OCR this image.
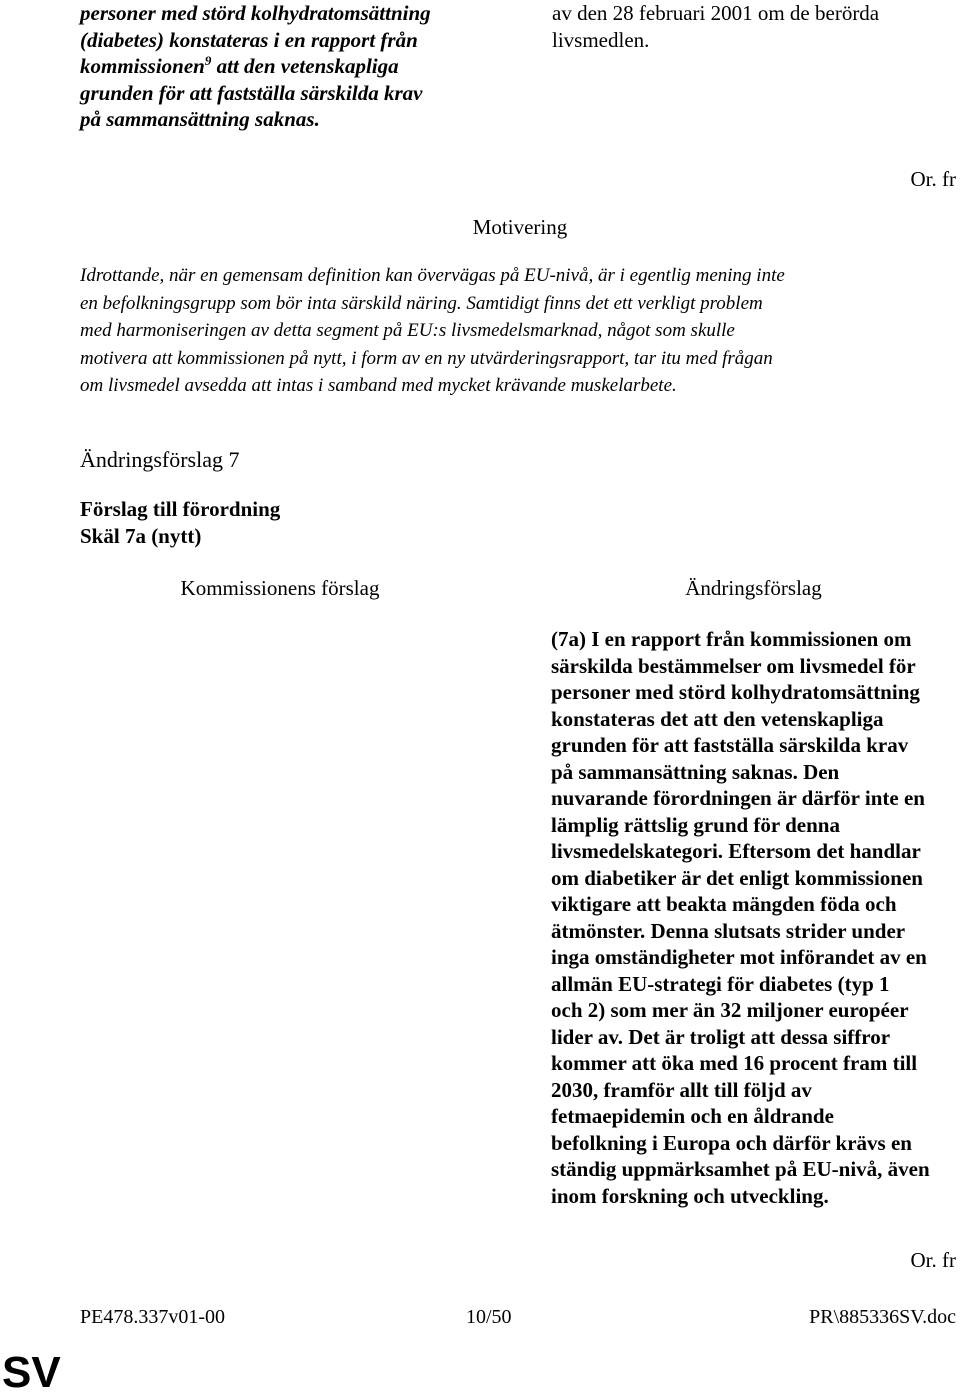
personer med störd kolhydratomsättning
(diabetes) konstateras i en rapport från
kommissionen$^9$ att den vetenskapliga
grunden för att fastställa särskilda krav
på sammansättning saknas.
av den 28 februari 2001 om de berörda
livsmedlen.
Or. fr
Motivering
Idrottande, när en gemensam definition kan övervägas på EU-nivå, är i egentlig mening inte
en befolkningsgrupp som bör inta särskild näring. Samtidigt finns det ett verkligt problem
med harmoniseringen av detta segment på EU:s livsmedelsmarknad, något som skulle
motivera att kommissionen på nytt, i form av en ny utvärderingsrapport, tar itu med frågan
om livsmedel avsedda att intas i samband med mycket krävande muskelarbete.
Ändringsförslag 7
Förslag till förordning
Skäl 7a (nytt)
Kommissionens förslag	Ändringsförslag
(7a) I en rapport från kommissionen om
särskilda bestämmelser om livsmedel för
personer med störd kolhydratomsättning
konstateras det att den vetenskapliga
grunden för att fastställa särskilda krav
på sammansättning saknas. Den
nuvarande förordningen är därför inte en
lämplig rättslig grund för denna
livsmedelskategori. Eftersom det handlar
om diabetiker är det enligt kommissionen
viktigare att beakta mängden föda och
ätmönster. Denna slutsats strider under
inga omständigheter mot införandet av en
allmän EU-strategi för diabetes (typ 1
och 2) som mer än 32 miljoner européer
lider av. Det är troligt att dessa siffror
kommer att öka med 16 procent fram till
2030, framför allt till följd av
fetmaepidemin och en åldrande
befolkning i Europa och därför krävs en
ständig uppmärksamhet på EU-nivå, även
inom forskning och utveckling.
Or. fr
PE478.337v01-00	10/50	PR\885336SV.doc
SV
